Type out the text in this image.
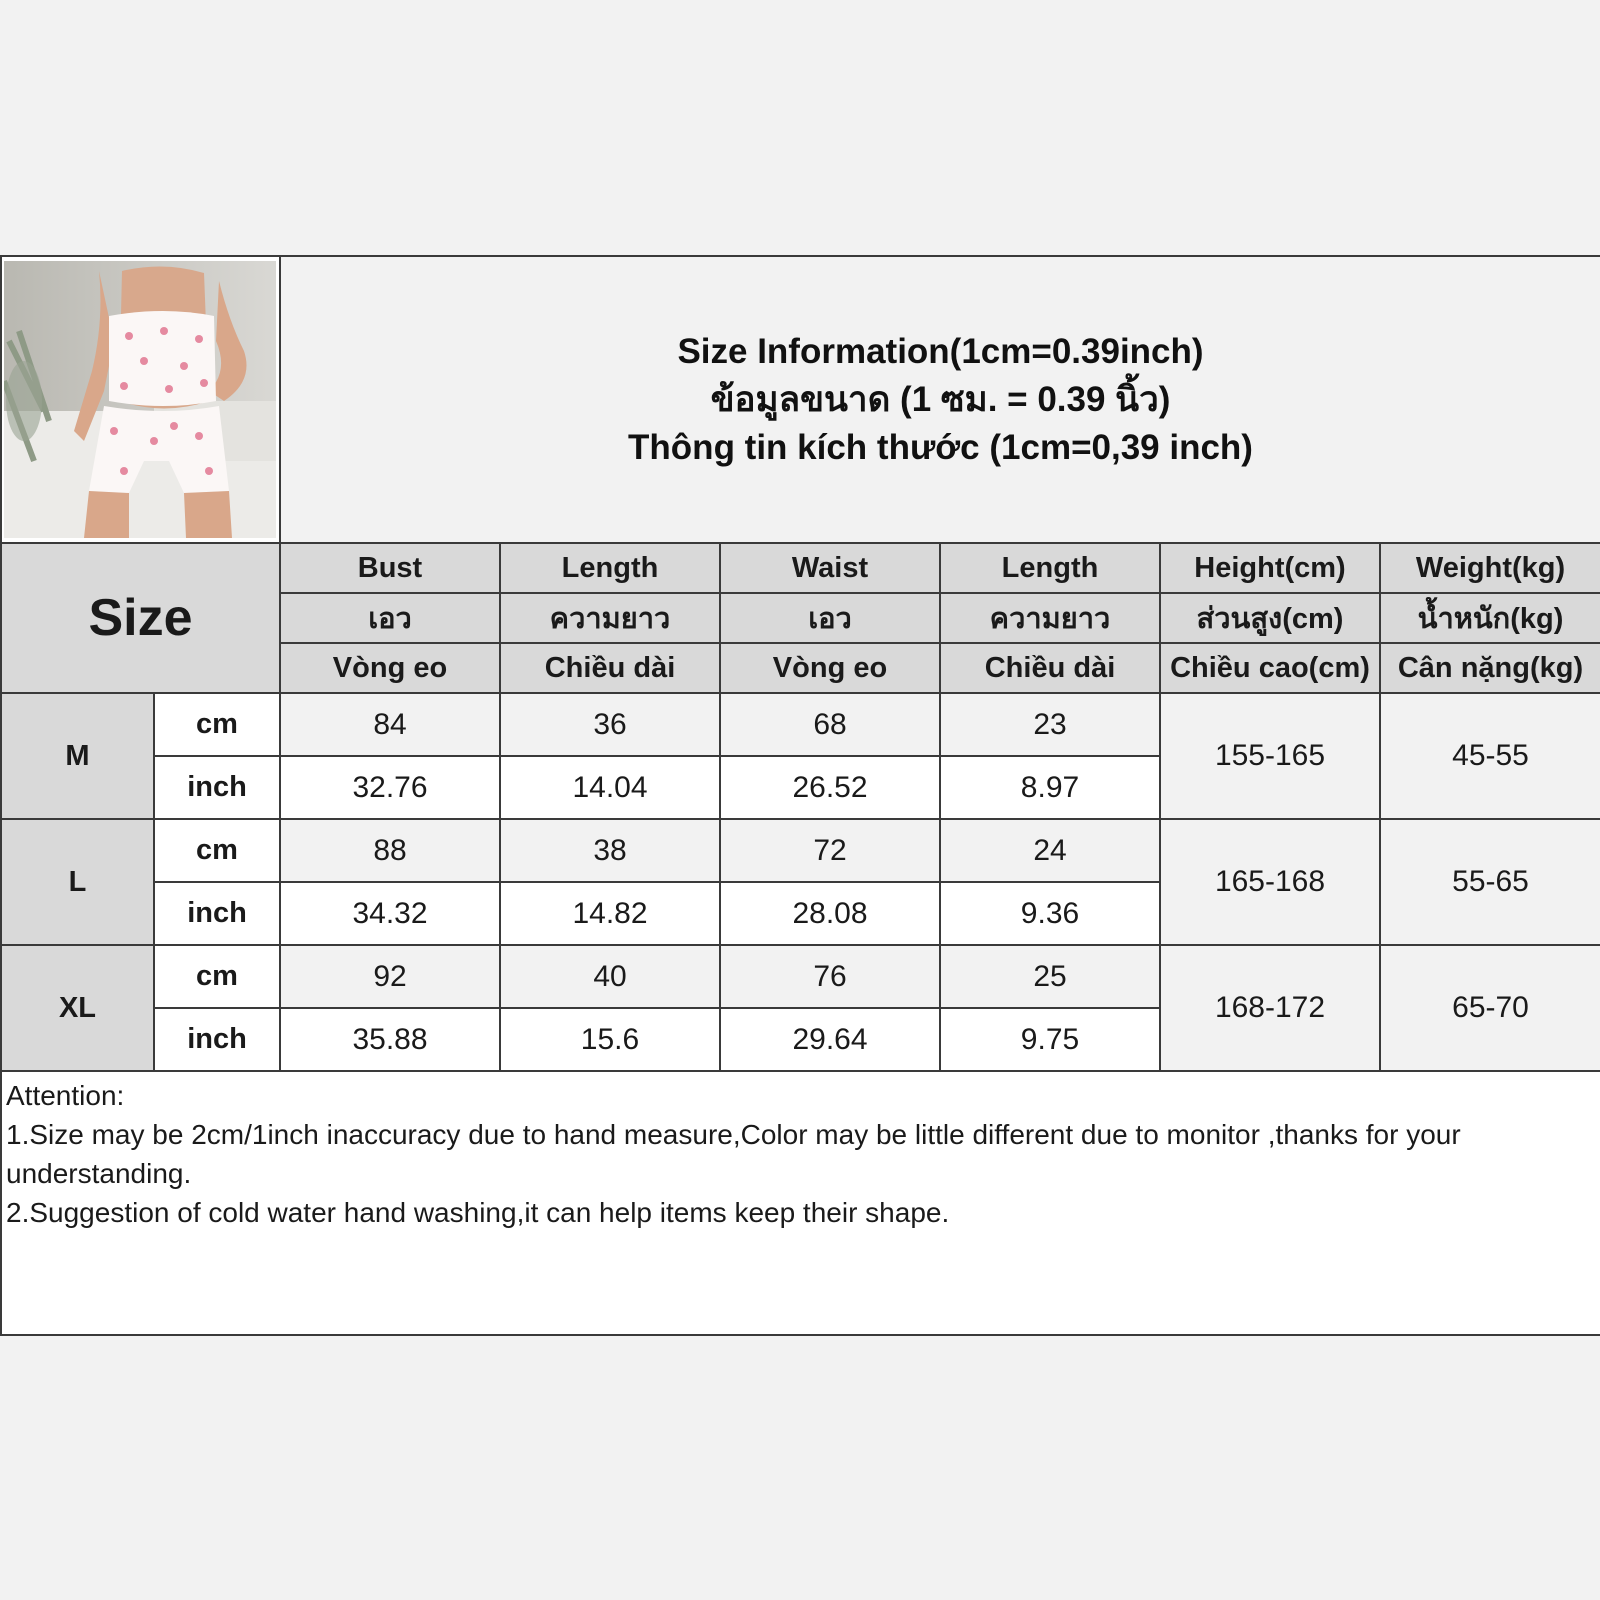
Size Information(1cm=0.39inch)
ข้อมูลขนาด (1 ซม. = 0.39 นิ้ว)
Thông tin kích thước (1cm=0,39 inch)					

Size		Bust	Length	Waist	Length	Height(cm)	Weight(kg)
		เอว	ความยาว	เอว	ความยาว	ส่วนสูง(cm)	น้ำหนัก(kg)
		Vòng eo	Chiều dài	Vòng eo	Chiều dài	Chiều cao(cm)	Cân nặng(kg)
M	cm	84	36	68	23	155-165	45-55
	inch	32.76	14.04	26.52	8.97		
L	cm	88	38	72	24	165-168	55-65
	inch	34.32	14.82	28.08	9.36		
XL	cm	92	40	76	25	168-172	65-70
	inch	35.88	15.6	29.64	9.75		

Attention:
1.Size may be 2cm/1inch inaccuracy due to hand measure,Color may be little different due to monitor ,thanks for your understanding.
2.Suggestion of cold water hand washing,it can help items keep their shape.							
